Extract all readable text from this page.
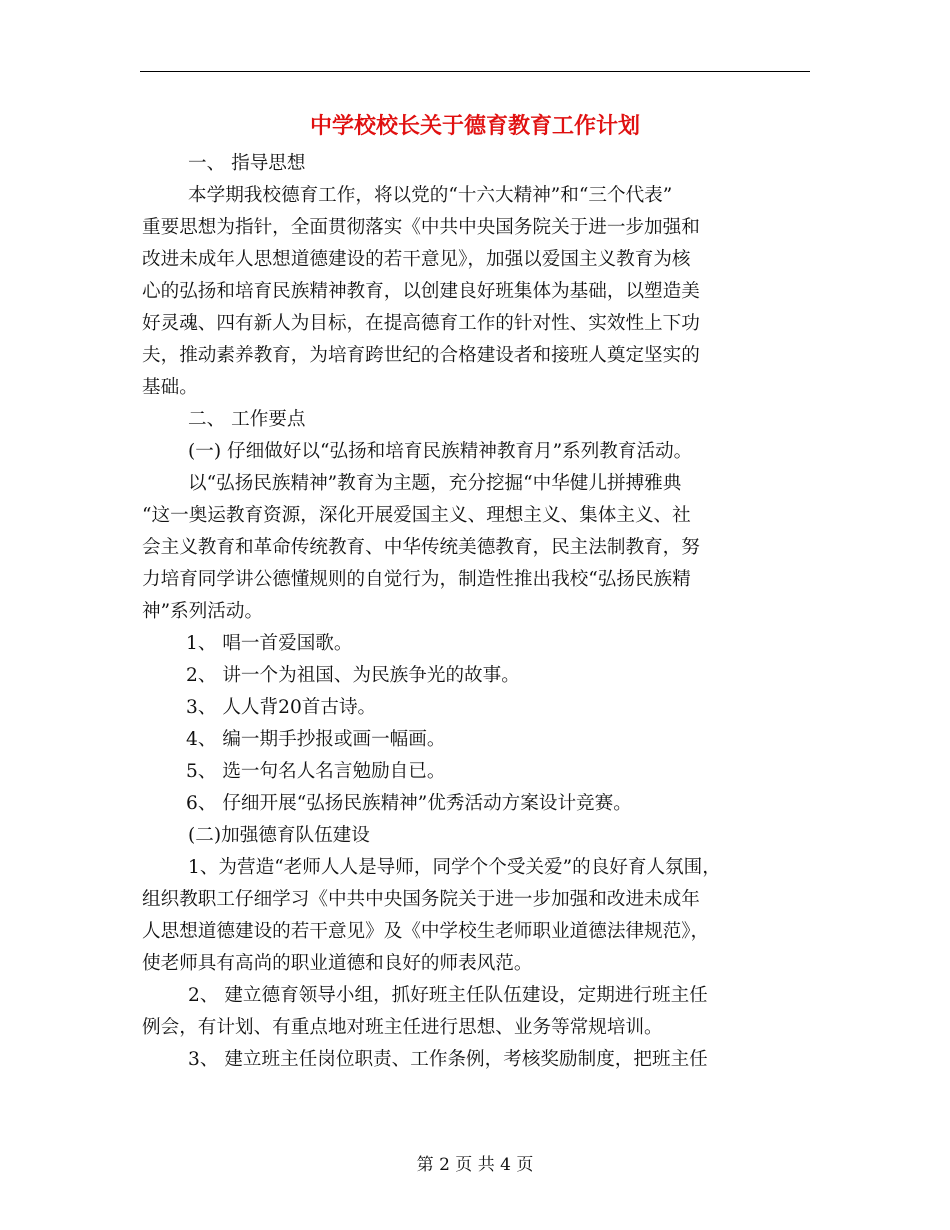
中学校校长关于德育教育工作计划
一、 指导思想
本学期我校德育工作，将以党的“十六大精神”和“三个代表”
重要思想为指针，全面贯彻落实《中共中央国务院关于进一步加强和
改进未成年人思想道德建设的若干意见》，加强以爱国主义教育为核
心的弘扬和培育民族精神教育，以创建良好班集体为基础，以塑造美
好灵魂、四有新人为目标，在提高德育工作的针对性、实效性上下功
夫，推动素养教育，为培育跨世纪的合格建设者和接班人奠定坚实的
基础。
二、 工作要点
(一) 仔细做好以“弘扬和培育民族精神教育月”系列教育活动。
以“弘扬民族精神”教育为主题，充分挖掘“中华健儿拼搏雅典
“这一奥运教育资源，深化开展爱国主义、理想主义、集体主义、社
会主义教育和革命传统教育、中华传统美德教育，民主法制教育，努
力培育同学讲公德懂规则的自觉行为，制造性推出我校“弘扬民族精
神”系列活动。
1、 唱一首爱国歌。
2、 讲一个为祖国、为民族争光的故事。
3、 人人背20首古诗。
4、 编一期手抄报或画一幅画。
5、 选一句名人名言勉励自已。
6、 仔细开展“弘扬民族精神”优秀活动方案设计竞赛。
(二)加强德育队伍建设
1、为营造“老师人人是导师，同学个个受关爱”的良好育人氛围，
组织教职工仔细学习《中共中央国务院关于进一步加强和改进未成年
人思想道德建设的若干意见》及《中学校生老师职业道德法律规范》，
使老师具有高尚的职业道德和良好的师表风范。
2、 建立德育领导小组，抓好班主任队伍建设，定期进行班主任
例会，有计划、有重点地对班主任进行思想、业务等常规培训。
3、 建立班主任岗位职责、工作条例，考核奖励制度，把班主任
第 2 页 共 4 页
